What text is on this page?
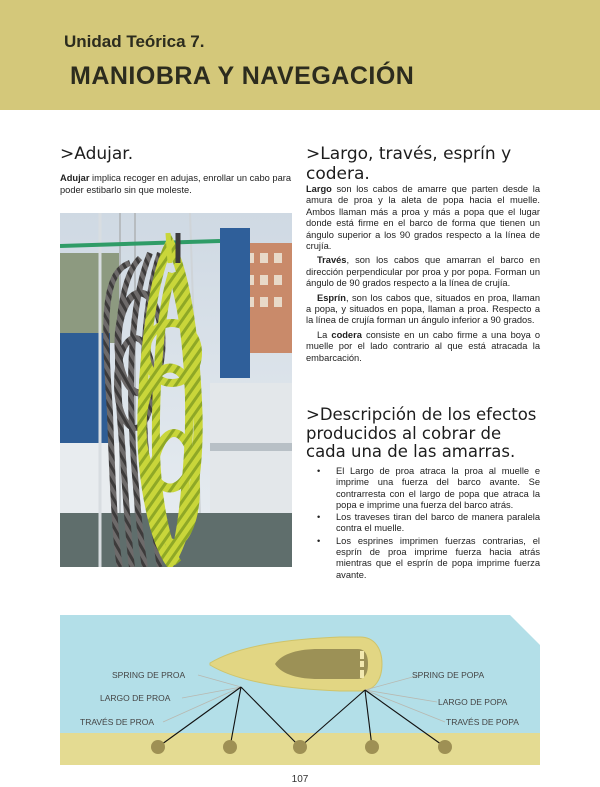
Unidad Teórica 7.
MANIOBRA Y NAVEGACIÓN
>Adujar.
Adujar implica recoger en adujas, enrollar un cabo para poder estibarlo sin que moleste.
>Largo, través, esprín y codera.

Largo son los cabos de amarre que parten desde la amura de proa y la aleta de popa hacia el muelle. Ambos llaman más a proa y más a popa que el lugar donde está firme en el barco de forma que tienen un ángulo superior a los 90 grados respecto a la línea de crujía.

Través, son los cabos que amarran el barco en dirección perpendicular por proa y por popa. Forman un ángulo de 90 grados respecto a la línea de crujía.

Esprín, son los cabos que, situados en proa, llaman a popa, y situados en popa, llaman a proa. Respecto a la línea de crujía forman un ángulo inferior a 90 grados.

La codera consiste en un cabo firme a una boya o muelle por el lado contrario al que está atracada la embarcación.

>Descripción de los efectos producidos al cobrar de cada una de las amarras.
• El Largo de proa atraca la proa al muelle e imprime una fuerza del barco avante. Se contrarresta con el largo de popa que atraca la popa e imprime una fuerza del barco atrás.
• Los traveses tiran del barco de manera paralela contra el muelle.
• Los esprines imprimen fuerzas contrarias, el esprín de proa imprime fuerza hacia atrás mientras que el esprín de popa imprime fuerza avante.
SPRING DE PROA
LARGO DE PROA
TRAVÉS DE PROA
SPRING DE POPA
LARGO DE POPA
TRAVÉS DE POPA
107
